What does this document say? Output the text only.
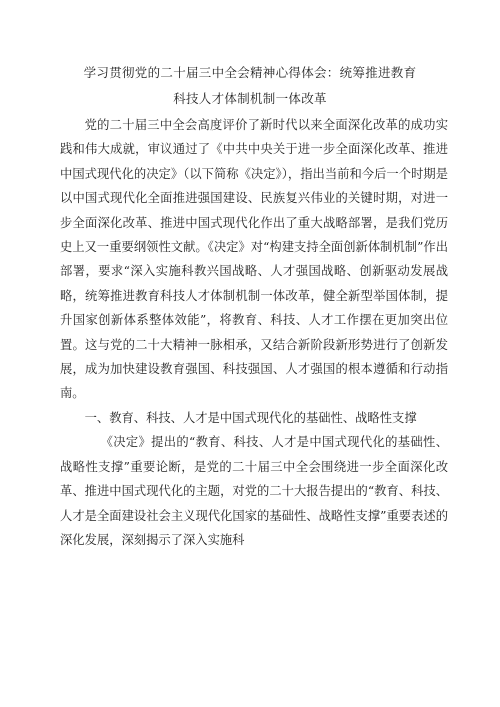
学习贯彻党的二十届三中全会精神心得体会：统筹推进教育
科技人才体制机制一体改革

党的二十届三中全会高度评价了新时代以来全面深化改革的成功实践和伟大成就，审议通过了《中共中央关于进一步全面深化改革、推进中国式现代化的决定》（以下简称《决定》），指出当前和今后一个时期是以中国式现代化全面推进强国建设、民族复兴伟业的关键时期，对进一步全面深化改革、推进中国式现代化作出了重大战略部署，是我们党历史上又一重要纲领性文献。《决定》对“构建支持全面创新体制机制”作出部署，要求“深入实施科教兴国战略、人才强国战略、创新驱动发展战略，统筹推进教育科技人才体制机制一体改革，健全新型举国体制，提升国家创新体系整体效能”，将教育、科技、人才工作摆在更加突出位置。这与党的二十大精神一脉相承，又结合新阶段新形势进行了创新发展，成为加快建设教育强国、科技强国、人才强国的根本遵循和行动指南。

一、教育、科技、人才是中国式现代化的基础性、战略性支撑

《决定》提出的“教育、科技、人才是中国式现代化的基础性、战略性支撑”重要论断，是党的二十届三中全会围绕进一步全面深化改革、推进中国式现代化的主题，对党的二十大报告提出的“教育、科技、人才是全面建设社会主义现代化国家的基础性、战略性支撑”重要表述的深化发展，深刻揭示了深入实施科
